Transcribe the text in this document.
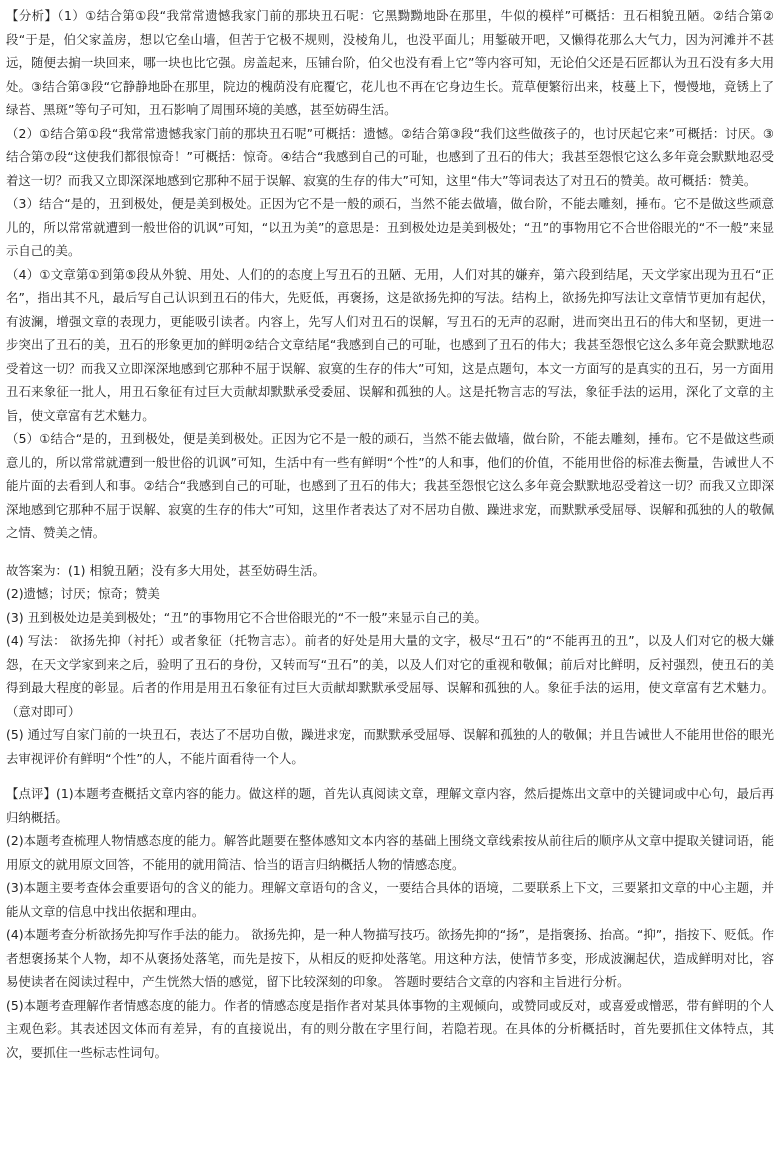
【分析】（1）①结合第①段“我常常遗憾我家门前的那块丑石呢：它黑黝黝地卧在那里，牛似的模样”可概括：丑石相貌丑陋。②结合第②段“于是，伯父家盖房，想以它垒山墙，但苦于它极不规则，没棱角儿，也没平面儿；用錾破开吧，又懒得花那么大气力，因为河滩并不甚远，随便去掮一块回来，哪一块也比它强。房盖起来，压铺台阶，伯父也没有看上它”等内容可知，无论伯父还是石匠都认为丑石没有多大用处。③结合第③段“它静静地卧在那里，院边的槐荫没有庇覆它，花儿也不再在它身边生长。荒草便繁衍出来，枝蔓上下，慢慢地，竟锈上了绿苔、黑斑”等句子可知，丑石影响了周围环境的美感，甚至妨碍生活。

（2）①结合第①段“我常常遗憾我家门前的那块丑石呢”可概括：遗憾。②结合第③段“我们这些做孩子的，也讨厌起它来”可概括：讨厌。③结合第⑦段“这使我们都很惊奇！”可概括：惊奇。④结合“我感到自己的可耻，也感到了丑石的伟大；我甚至怨恨它这么多年竟会默默地忍受着这一切？而我又立即深深地感到它那种不屈于误解、寂寞的生存的伟大”可知，这里“伟大”等词表达了对丑石的赞美。故可概括：赞美。

（3）结合“是的，丑到极处，便是美到极处。正因为它不是一般的顽石，当然不能去做墙，做台阶，不能去雕刻，捶布。它不是做这些顽意儿的，所以常常就遭到一般世俗的讥讽”可知，“以丑为美”的意思是：丑到极处边是美到极处；“丑”的事物用它不合世俗眼光的“不一般”来显示自己的美。

（4）①文章第①到第⑤段从外貌、用处、人们的的态度上写丑石的丑陋、无用，人们对其的嫌弃，第六段到结尾，天文学家出现为丑石“正名”，指出其不凡，最后写自己认识到丑石的伟大，先贬低，再褒扬，这是欲扬先抑的写法。结构上，欲扬先抑写法让文章情节更加有起伏，有波澜，增强文章的表现力，更能吸引读者。内容上，先写人们对丑石的误解，写丑石的无声的忍耐，进而突出丑石的伟大和坚韧，更进一步突出了丑石的美，丑石的形象更加的鲜明②结合文章结尾“我感到自己的可耻，也感到了丑石的伟大；我甚至怨恨它这么多年竟会默默地忍受着这一切？而我又立即深深地感到它那种不屈于误解、寂寞的生存的伟大”可知，这是点题句，本文一方面写的是真实的丑石，另一方面用丑石来象征一批人，用丑石象征有过巨大贡献却默默承受委屈、误解和孤独的人。这是托物言志的写法，象征手法的运用，深化了文章的主旨，使文章富有艺术魅力。

（5）①结合“是的，丑到极处，便是美到极处。正因为它不是一般的顽石，当然不能去做墙，做台阶，不能去雕刻，捶布。它不是做这些顽意儿的，所以常常就遭到一般世俗的讥讽”可知，生活中有一些有鲜明“个性”的人和事，他们的价值，不能用世俗的标准去衡量，告诫世人不能片面的去看到人和事。②结合“我感到自己的可耻，也感到了丑石的伟大；我甚至怨恨它这么多年竟会默默地忍受着这一切？而我又立即深深地感到它那种不屈于误解、寂寞的生存的伟大”可知，这里作者表达了对不居功自傲、躁进求宠，而默默承受屈辱、误解和孤独的人的敬佩之情、赞美之情。

故答案为：(1) 相貌丑陋；没有多大用处，甚至妨碍生活。

(2)遗憾；讨厌；惊奇；赞美

(3) 丑到极处边是美到极处；“丑”的事物用它不合世俗眼光的“不一般”来显示自己的美。

(4) 写法： 欲扬先抑（衬托）或者象征（托物言志）。前者的好处是用大量的文字，极尽“丑石”的“不能再丑的丑”，以及人们对它的极大嫌怨，在天文学家到来之后，验明了丑石的身份，又转而写“丑石”的美，以及人们对它的重视和敬佩；前后对比鲜明，反衬强烈，使丑石的美得到最大程度的彰显。后者的作用是用丑石象征有过巨大贡献却默默承受屈辱、误解和孤独的人。象征手法的运用，使文章富有艺术魅力。（意对即可）

(5) 通过写自家门前的一块丑石，表达了不居功自傲，躁进求宠，而默默承受屈辱、误解和孤独的人的敬佩；并且告诫世人不能用世俗的眼光去审视评价有鲜明“个性”的人，不能片面看待一个人。

【点评】(1)本题考查概括文章内容的能力。做这样的题，首先认真阅读文章，理解文章内容，然后提炼出文章中的关键词或中心句，最后再归纳概括。

(2)本题考查梳理人物情感态度的能力。解答此题要在整体感知文本内容的基础上围绕文章线索按从前往后的顺序从文章中提取关键词语，能用原文的就用原文回答，不能用的就用简洁、恰当的语言归纳概括人物的情感态度。

(3)本题主要考查体会重要语句的含义的能力。理解文章语句的含义，一要结合具体的语境，二要联系上下文，三要紧扣文章的中心主题，并能从文章的信息中找出依据和理由。

(4)本题考查分析欲扬先抑写作手法的能力。 欲扬先抑，是一种人物描写技巧。欲扬先抑的“扬”，是指褒扬、抬高。“抑”，指按下、贬低。作者想褒扬某个人物，却不从褒扬处落笔，而先是按下，从相反的贬抑处落笔。用这种方法，使情节多变，形成波澜起伏，造成鲜明对比，容易使读者在阅读过程中，产生恍然大悟的感觉，留下比较深刻的印象。 答题时要结合文章的内容和主旨进行分析。

(5)本题考查理解作者情感态度的能力。作者的情感态度是指作者对某具体事物的主观倾向，或赞同或反对，或喜爱或憎恶，带有鲜明的个人主观色彩。其表述因文体而有差异，有的直接说出，有的则分散在字里行间，若隐若现。在具体的分析概括时，首先要抓住文体特点，其次，要抓住一些标志性词句。
